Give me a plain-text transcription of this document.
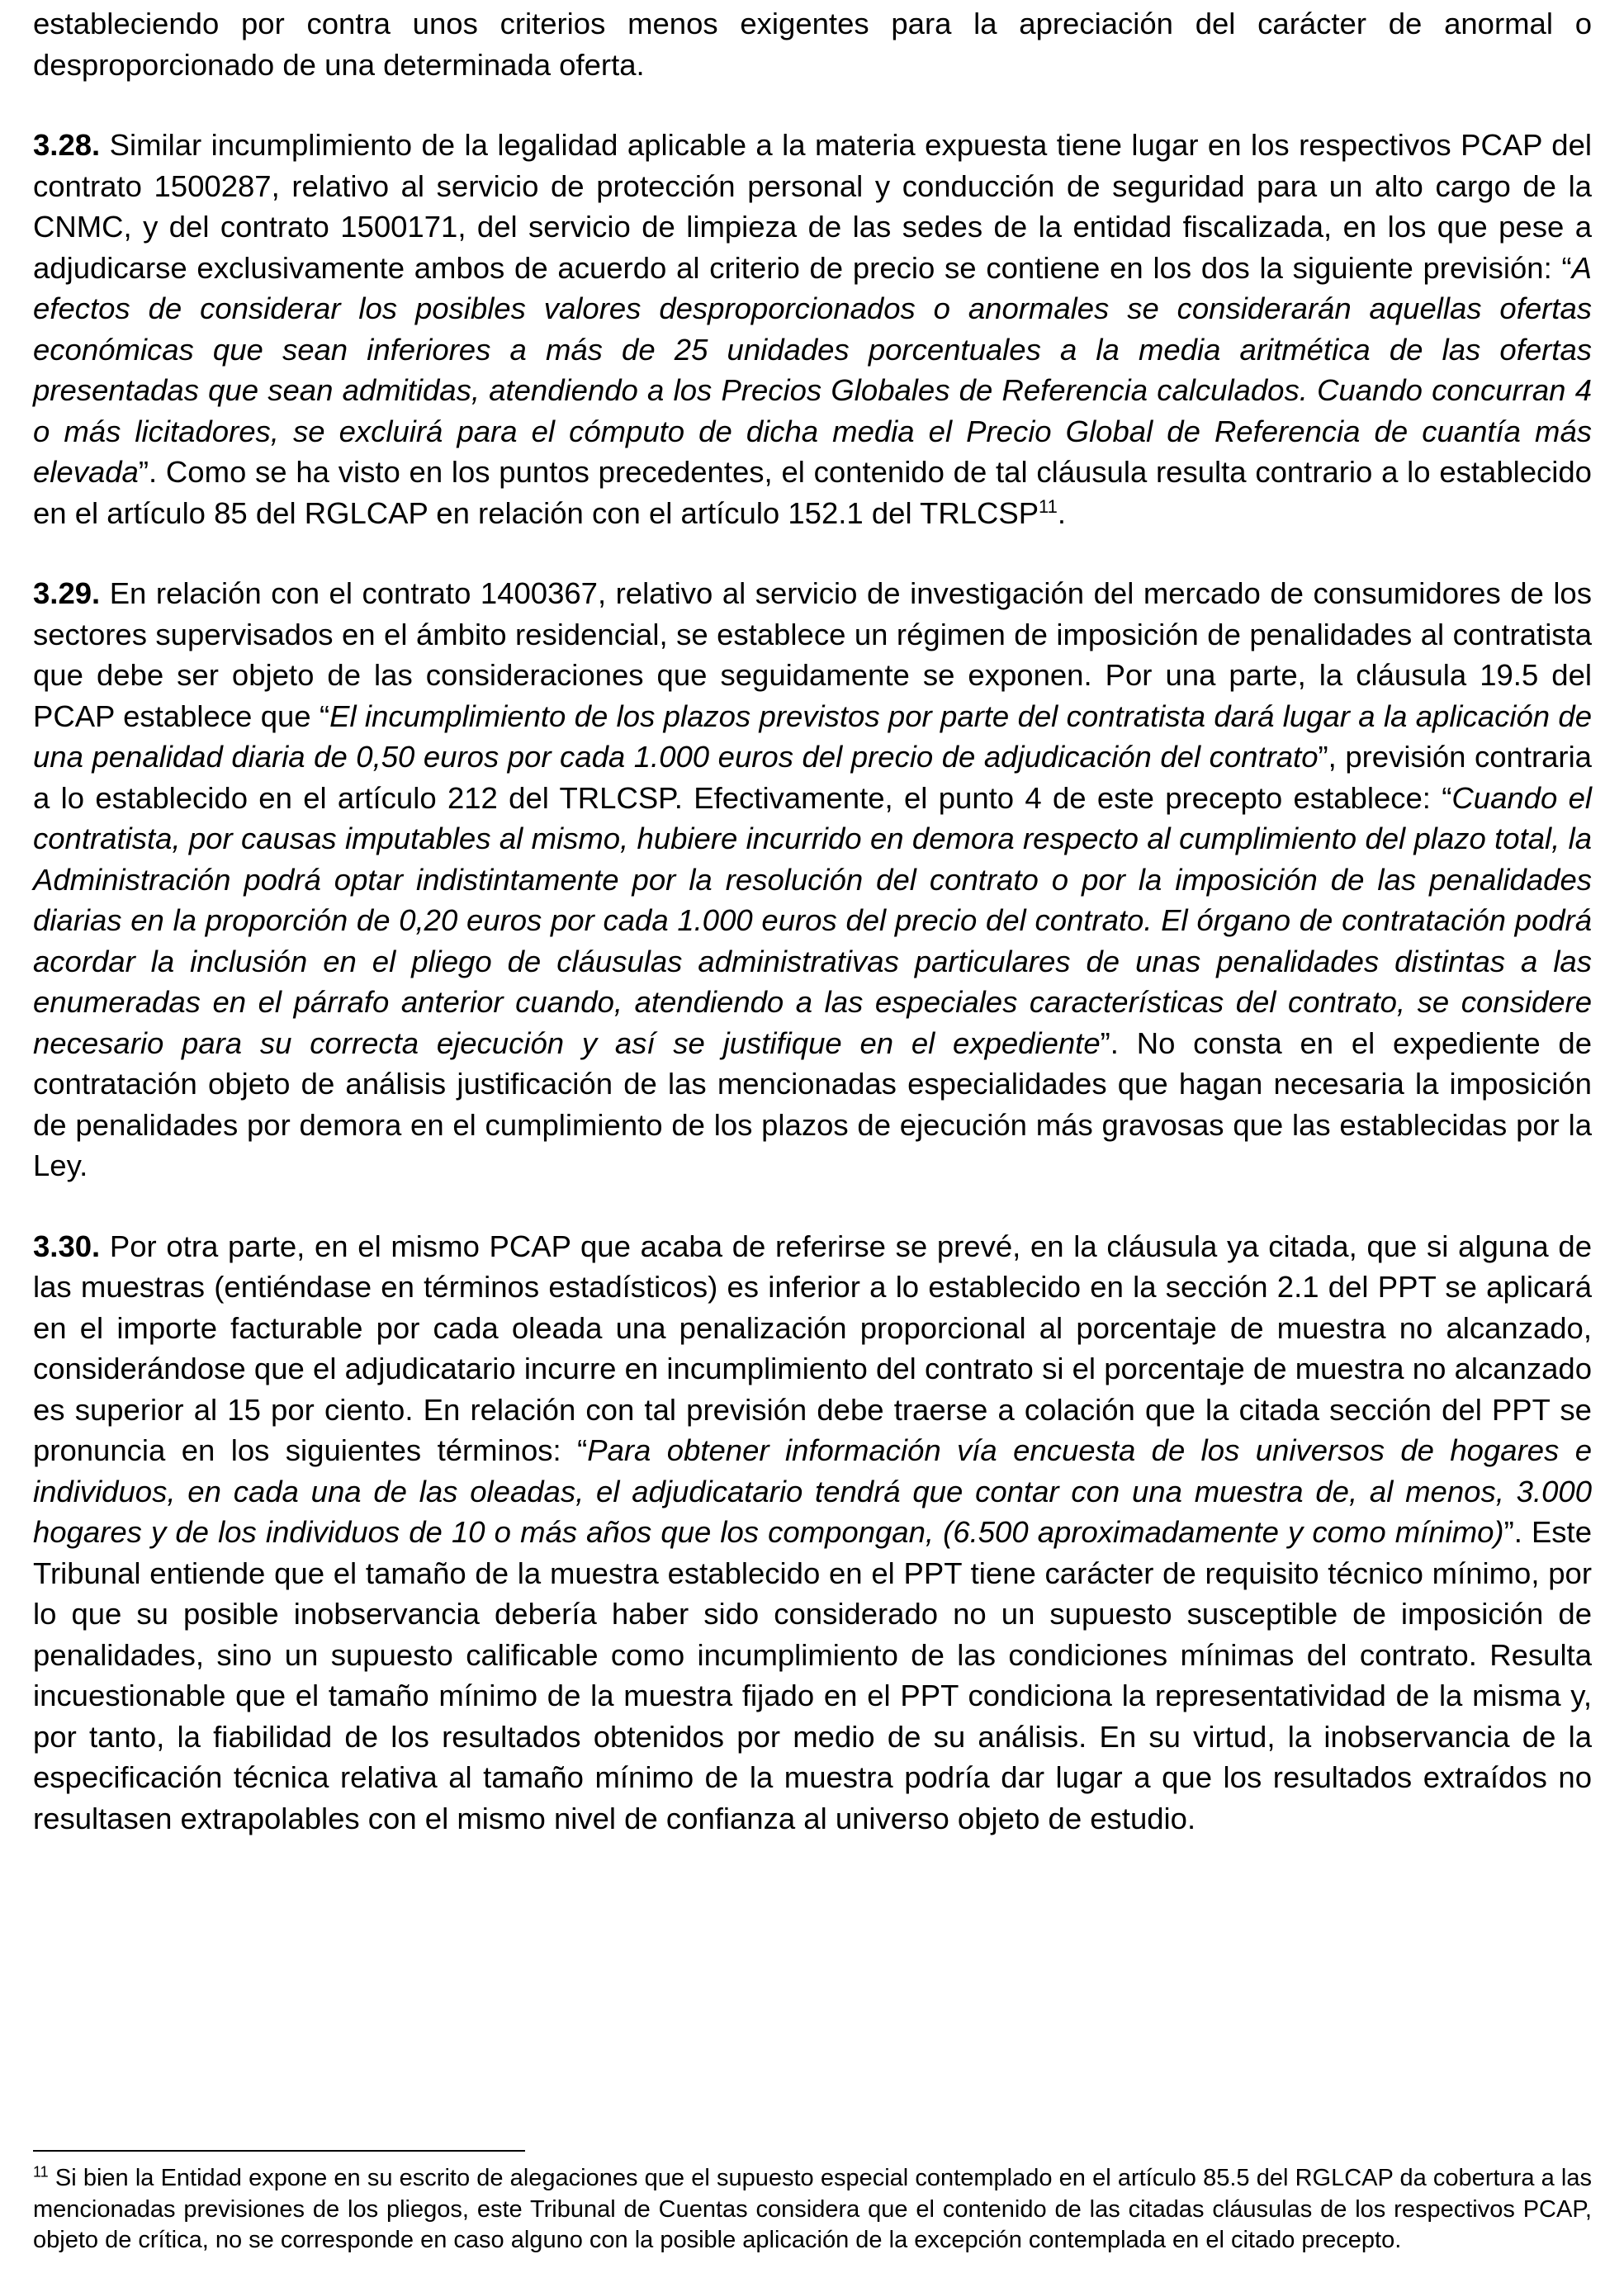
estableciendo por contra unos criterios menos exigentes para la apreciación del carácter de anormal o desproporcionado de una determinada oferta.

3.28. Similar incumplimiento de la legalidad aplicable a la materia expuesta tiene lugar en los respectivos PCAP del contrato 1500287, relativo al servicio de protección personal y conducción de seguridad para un alto cargo de la CNMC, y del contrato 1500171, del servicio de limpieza de las sedes de la entidad fiscalizada, en los que pese a adjudicarse exclusivamente ambos de acuerdo al criterio de precio se contiene en los dos la siguiente previsión: “A efectos de considerar los posibles valores desproporcionados o anormales se considerarán aquellas ofertas económicas que sean inferiores a más de 25 unidades porcentuales a la media aritmética de las ofertas presentadas que sean admitidas, atendiendo a los Precios Globales de Referencia calculados. Cuando concurran 4 o más licitadores, se excluirá para el cómputo de dicha media el Precio Global de Referencia de cuantía más elevada”. Como se ha visto en los puntos precedentes, el contenido de tal cláusula resulta contrario a lo establecido en el artículo 85 del RGLCAP en relación con el artículo 152.1 del TRLCSP$^{11}$.

3.29. En relación con el contrato 1400367, relativo al servicio de investigación del mercado de consumidores de los sectores supervisados en el ámbito residencial, se establece un régimen de imposición de penalidades al contratista que debe ser objeto de las consideraciones que seguidamente se exponen. Por una parte, la cláusula 19.5 del PCAP establece que “El incumplimiento de los plazos previstos por parte del contratista dará lugar a la aplicación de una penalidad diaria de 0,50 euros por cada 1.000 euros del precio de adjudicación del contrato”, previsión contraria a lo establecido en el artículo 212 del TRLCSP. Efectivamente, el punto 4 de este precepto establece: “Cuando el contratista, por causas imputables al mismo, hubiere incurrido en demora respecto al cumplimiento del plazo total, la Administración podrá optar indistintamente por la resolución del contrato o por la imposición de las penalidades diarias en la proporción de 0,20 euros por cada 1.000 euros del precio del contrato. El órgano de contratación podrá acordar la inclusión en el pliego de cláusulas administrativas particulares de unas penalidades distintas a las enumeradas en el párrafo anterior cuando, atendiendo a las especiales características del contrato, se considere necesario para su correcta ejecución y así se justifique en el expediente”. No consta en el expediente de contratación objeto de análisis justificación de las mencionadas especialidades que hagan necesaria la imposición de penalidades por demora en el cumplimiento de los plazos de ejecución más gravosas que las establecidas por la Ley.

3.30. Por otra parte, en el mismo PCAP que acaba de referirse se prevé, en la cláusula ya citada, que si alguna de las muestras (entiéndase en términos estadísticos) es inferior a lo establecido en la sección 2.1 del PPT se aplicará en el importe facturable por cada oleada una penalización proporcional al porcentaje de muestra no alcanzado, considerándose que el adjudicatario incurre en incumplimiento del contrato si el porcentaje de muestra no alcanzado es superior al 15 por ciento. En relación con tal previsión debe traerse a colación que la citada sección del PPT se pronuncia en los siguientes términos: “Para obtener información vía encuesta de los universos de hogares e individuos, en cada una de las oleadas, el adjudicatario tendrá que contar con una muestra de, al menos, 3.000 hogares y de los individuos de 10 o más años que los compongan, (6.500 aproximadamente y como mínimo)”. Este Tribunal entiende que el tamaño de la muestra establecido en el PPT tiene carácter de requisito técnico mínimo, por lo que su posible inobservancia debería haber sido considerado no un supuesto susceptible de imposición de penalidades, sino un supuesto calificable como incumplimiento de las condiciones mínimas del contrato. Resulta incuestionable que el tamaño mínimo de la muestra fijado en el PPT condiciona la representatividad de la misma y, por tanto, la fiabilidad de los resultados obtenidos por medio de su análisis. En su virtud, la inobservancia de la especificación técnica relativa al tamaño mínimo de la muestra podría dar lugar a que los resultados extraídos no resultasen extrapolables con el mismo nivel de confianza al universo objeto de estudio.

$^{11}$ Si bien la Entidad expone en su escrito de alegaciones que el supuesto especial contemplado en el artículo 85.5 del RGLCAP da cobertura a las mencionadas previsiones de los pliegos, este Tribunal de Cuentas considera que el contenido de las citadas cláusulas de los respectivos PCAP, objeto de crítica, no se corresponde en caso alguno con la posible aplicación de la excepción contemplada en el citado precepto.
